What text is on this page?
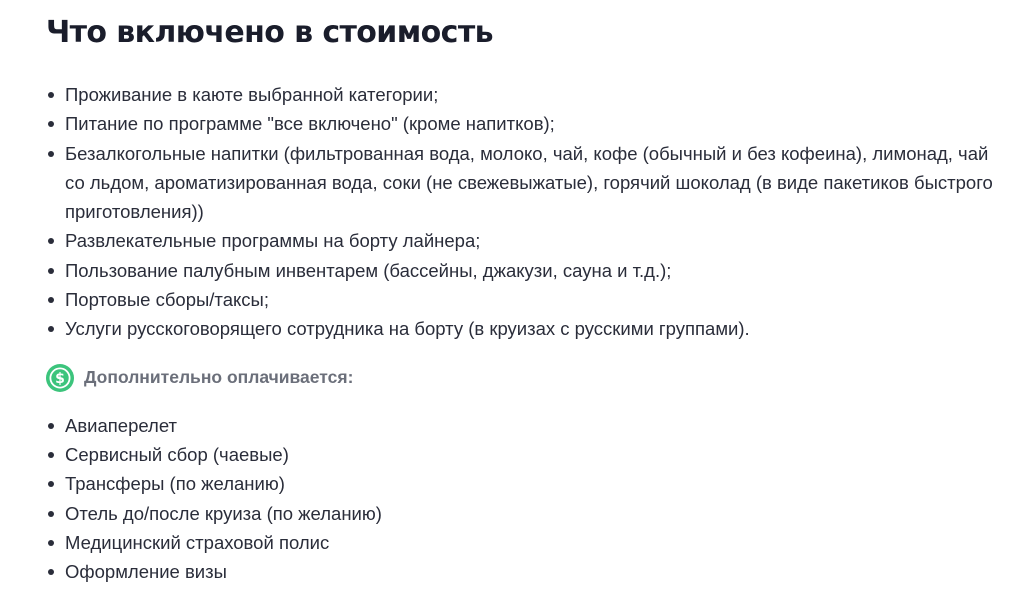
Что включено в стоимость
Проживание в каюте выбранной категории;
Питание по программе "все включено" (кроме напитков);
Безалкогольные напитки (фильтрованная вода, молоко, чай, кофе (обычный и без кофеина), лимонад, чай со льдом, ароматизированная вода, соки (не свежевыжатые), горячий шоколад (в виде пакетиков быстрого приготовления))
Развлекательные программы на борту лайнера;
Пользование палубным инвентарем (бассейны, джакузи, сауна и т.д.);
Портовые сборы/таксы;
Услуги русскоговорящего сотрудника на борту (в круизах с русскими группами).
$ Дополнительно оплачивается:
Авиаперелет
Сервисный сбор (чаевые)
Трансферы (по желанию)
Отель до/после круиза (по желанию)
Медицинский страховой полис
Оформление визы
